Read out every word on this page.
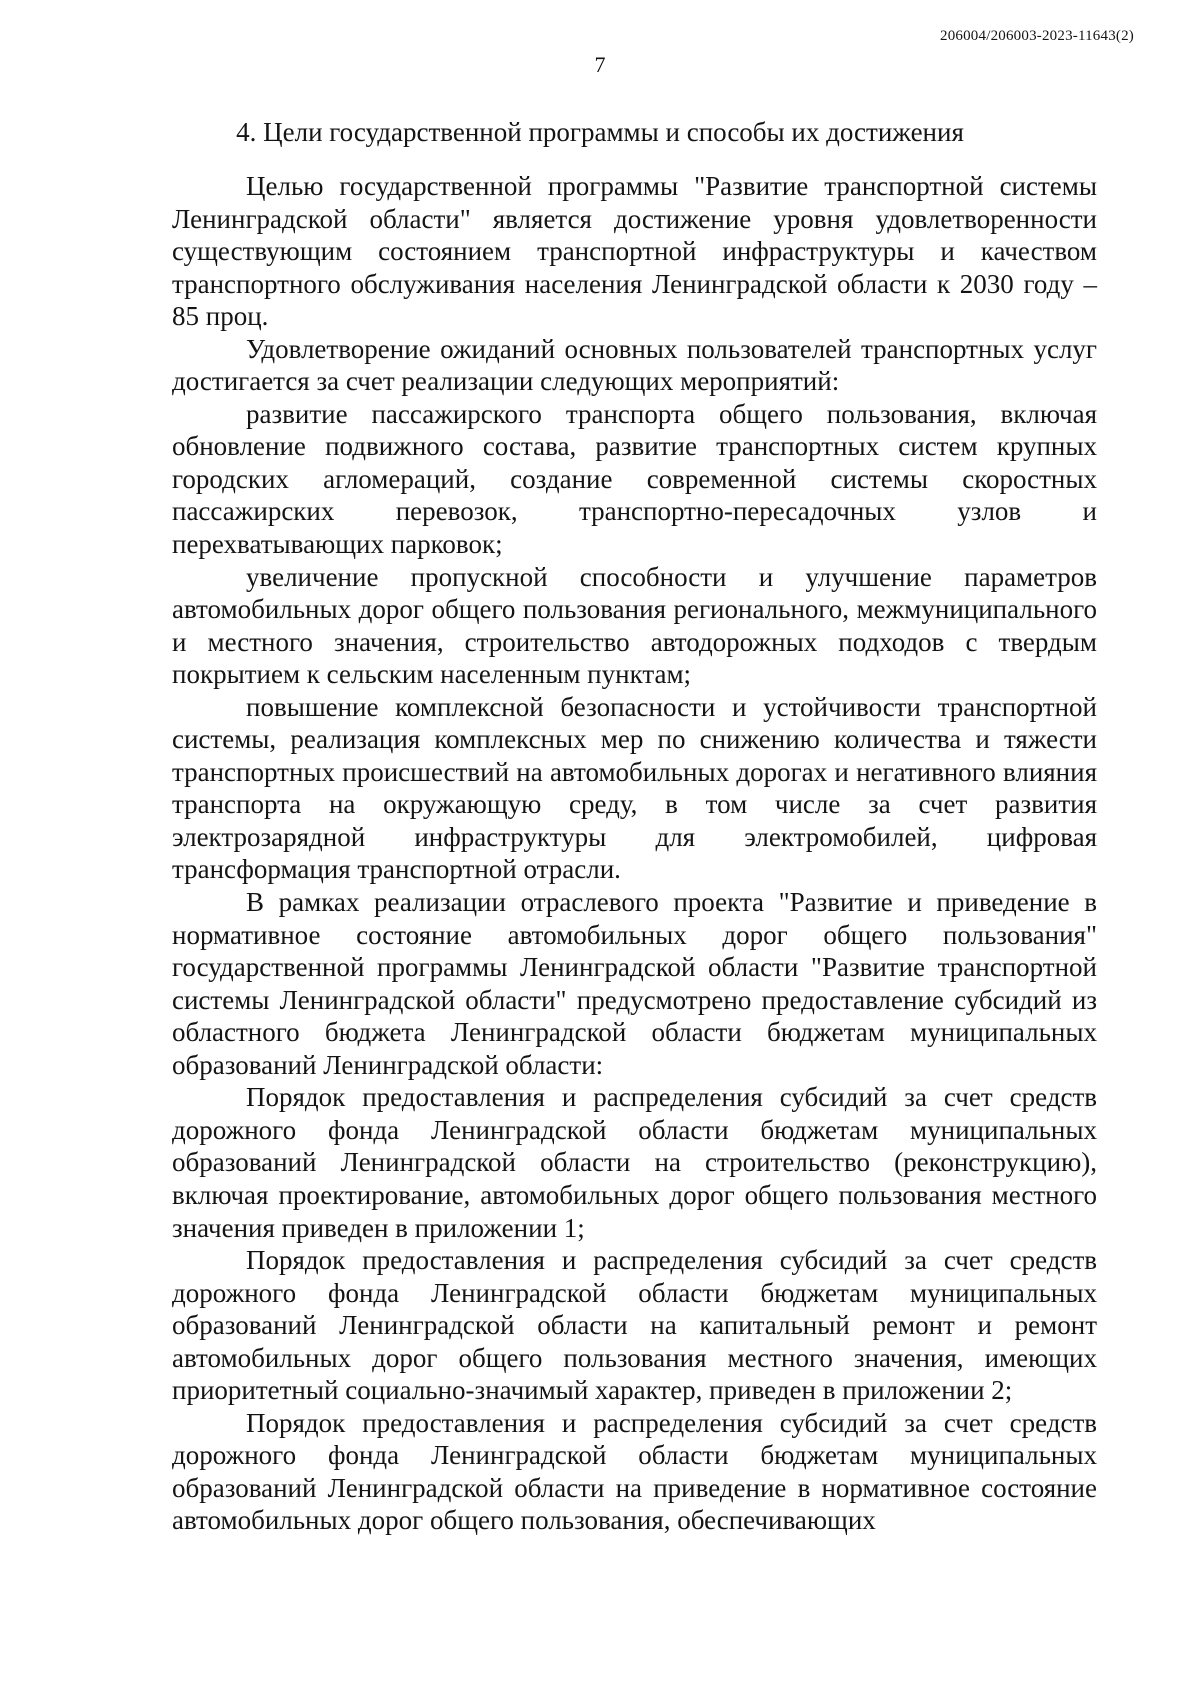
206004/206003-2023-11643(2)
7
4. Цели государственной программы и способы их достижения

Целью государственной программы "Развитие транспортной системы Ленинградской области" является достижение уровня удовлетворенности существующим состоянием транспортной инфраструктуры и качеством транспортного обслуживания населения Ленинградской области к 2030 году – 85 проц.

Удовлетворение ожиданий основных пользователей транспортных услуг достигается за счет реализации следующих мероприятий:

развитие пассажирского транспорта общего пользования, включая обновление подвижного состава, развитие транспортных систем крупных городских агломераций, создание современной системы скоростных пассажирских перевозок, транспортно-пересадочных узлов и перехватывающих парковок;

увеличение пропускной способности и улучшение параметров автомобильных дорог общего пользования регионального, межмуниципального и местного значения, строительство автодорожных подходов с твердым покрытием к сельским населенным пунктам;

повышение комплексной безопасности и устойчивости транспортной системы, реализация комплексных мер по снижению количества и тяжести транспортных происшествий на автомобильных дорогах и негативного влияния транспорта на окружающую среду, в том числе за счет развития электрозарядной инфраструктуры для электромобилей, цифровая трансформация транспортной отрасли.

В рамках реализации отраслевого проекта "Развитие и приведение в нормативное состояние автомобильных дорог общего пользования" государственной программы Ленинградской области "Развитие транспортной системы Ленинградской области" предусмотрено предоставление субсидий из областного бюджета Ленинградской области бюджетам муниципальных образований Ленинградской области:

Порядок предоставления и распределения субсидий за счет средств дорожного фонда Ленинградской области бюджетам муниципальных образований Ленинградской области на строительство (реконструкцию), включая проектирование, автомобильных дорог общего пользования местного значения приведен в приложении 1;

Порядок предоставления и распределения субсидий за счет средств дорожного фонда Ленинградской области бюджетам муниципальных образований Ленинградской области на капитальный ремонт и ремонт автомобильных дорог общего пользования местного значения, имеющих приоритетный социально-значимый характер, приведен в приложении 2;

Порядок предоставления и распределения субсидий за счет средств дорожного фонда Ленинградской области бюджетам муниципальных образований Ленинградской области на приведение в нормативное состояние автомобильных дорог общего пользования, обеспечивающих
